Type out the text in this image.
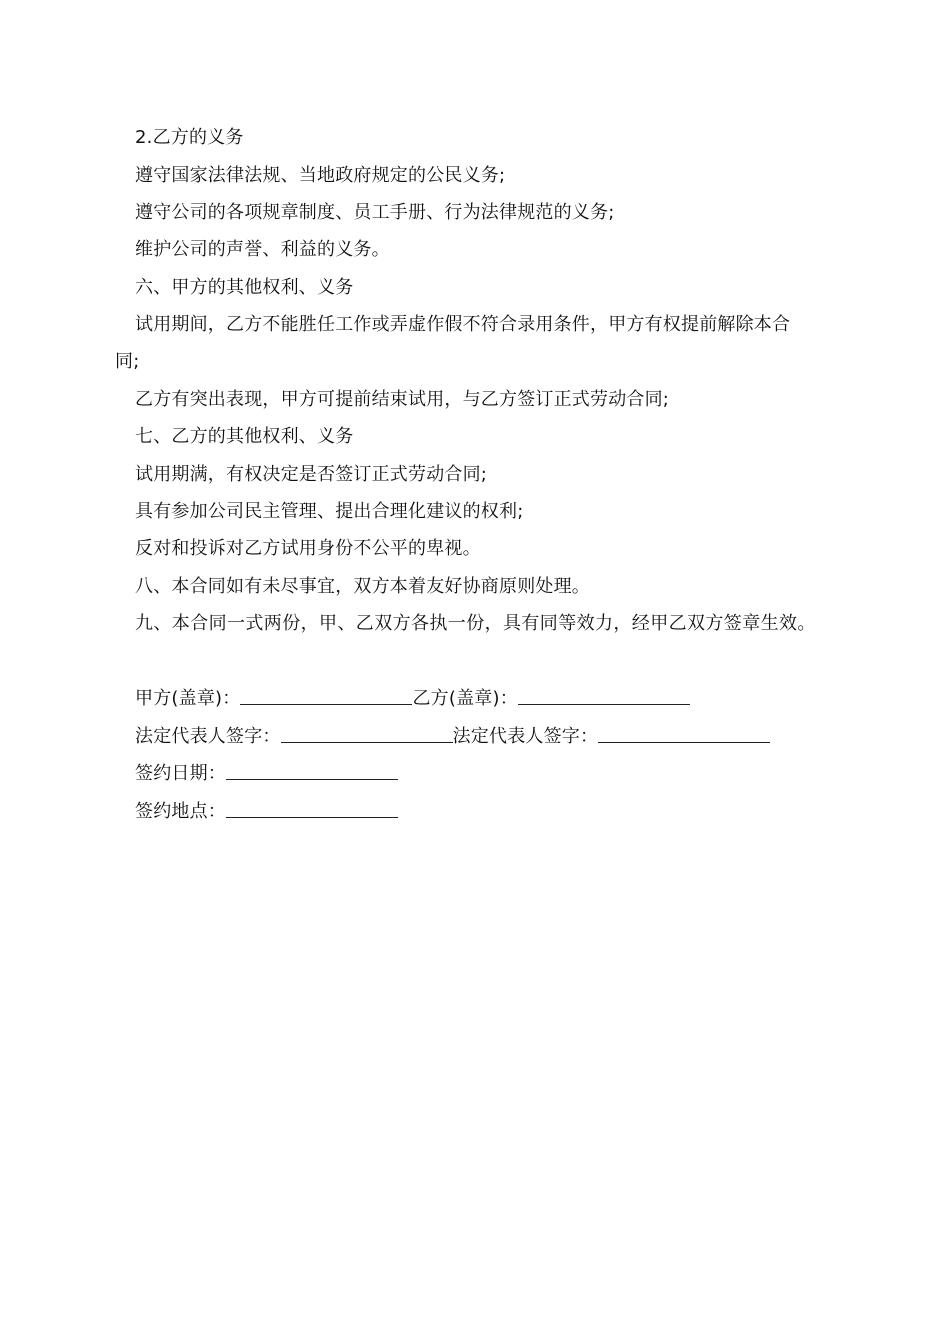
2.乙方的义务
遵守国家法律法规、当地政府规定的公民义务;
遵守公司的各项规章制度、员工手册、行为法律规范的义务;
维护公司的声誉、利益的义务。
六、甲方的其他权利、义务
试用期间，乙方不能胜任工作或弄虚作假不符合录用条件，甲方有权提前解除本合
同;
乙方有突出表现，甲方可提前结束试用，与乙方签订正式劳动合同;
七、乙方的其他权利、义务
试用期满，有权决定是否签订正式劳动合同;
具有参加公司民主管理、提出合理化建议的权利;
反对和投诉对乙方试用身份不公平的卑视。
八、本合同如有未尽事宜，双方本着友好协商原则处理。
九、本合同一式两份，甲、乙双方各执一份，具有同等效力，经甲乙双方签章生效。
甲方(盖章)：	乙方(盖章)：
法定代表人签字：	法定代表人签字：
签约日期：
签约地点：
